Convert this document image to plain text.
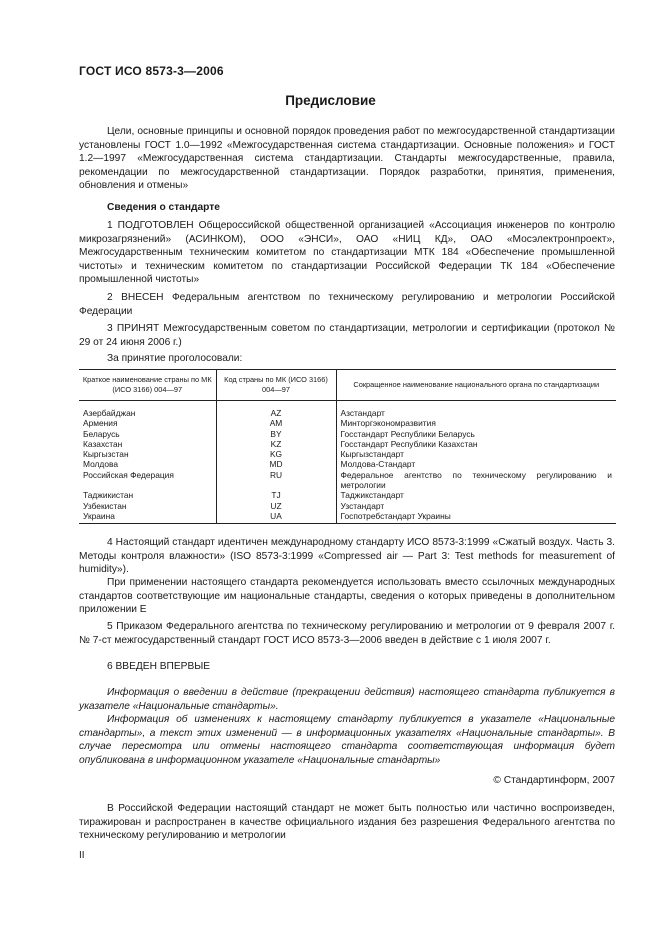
ГОСТ ИСО 8573-3—2006
Предисловие
Цели, основные принципы и основной порядок проведения работ по межгосударственной стандартизации установлены ГОСТ 1.0—1992 «Межгосударственная система стандартизации. Основные положения» и ГОСТ 1.2—1997 «Межгосударственная система стандартизации. Стандарты межгосударственные, правила, рекомендации по межгосударственной стандартизации. Порядок разработки, принятия, применения, обновления и отмены»
Сведения о стандарте
1 ПОДГОТОВЛЕН Общероссийской общественной организацией «Ассоциация инженеров по контролю микрозагрязнений» (АСИНКОМ), ООО «ЭНСИ», ОАО «НИЦ КД», ОАО «Мосэлектронпроект», Межгосударственным техническим комитетом по стандартизации МТК 184 «Обеспечение промышленной чистоты» и техническим комитетом по стандартизации Российской Федерации ТК 184 «Обеспечение промышленной чистоты»
2 ВНЕСЕН Федеральным агентством по техническому регулированию и метрологии Российской Федерации
3 ПРИНЯТ Межгосударственным советом по стандартизации, метрологии и сертификации (протокол № 29 от 24 июня 2006 г.)
За принятие проголосовали:
Краткое наименование страны по МК (ИСО 3166) 004—97	Код страны по МК (ИСО 3166) 004—97	Сокращенное наименование национального органа по стандартизации
Азербайджан	AZ	Азстандарт
Армения	AM	Минторгэкономразвития
Беларусь	BY	Госстандарт Республики Беларусь
Казахстан	KZ	Госстандарт Республики Казахстан
Кыргызстан	KG	Кыргызстандарт
Молдова	MD	Молдова-Стандарт
Российская Федерация	RU	Федеральное агентство по техническому регулированию и метрологии
Таджикистан	TJ	Таджикстандарт
Узбекистан	UZ	Узстандарт
Украина	UA	Госпотребстандарт Украины
4 Настоящий стандарт идентичен международному стандарту ИСО 8573-3:1999 «Сжатый воздух. Часть 3. Методы контроля влажности» (ISO 8573-3:1999 «Compressed air — Part 3: Test methods for measurement of humidity»).
При применении настоящего стандарта рекомендуется использовать вместо ссылочных международных стандартов соответствующие им национальные стандарты, сведения о которых приведены в дополнительном приложении Е
5 Приказом Федерального агентства по техническому регулированию и метрологии от 9 февраля 2007 г. № 7-ст межгосударственный стандарт ГОСТ ИСО 8573-3—2006 введен в действие с 1 июля 2007 г.
6 ВВЕДЕН ВПЕРВЫЕ
Информация о введении в действие (прекращении действия) настоящего стандарта публикуется в указателе «Национальные стандарты».
Информация об изменениях к настоящему стандарту публикуется в указателе «Национальные стандарты», а текст этих изменений — в информационных указателях «Национальные стандарты». В случае пересмотра или отмены настоящего стандарта соответствующая информация будет опубликована в информационном указателе «Национальные стандарты»
© Стандартинформ, 2007
В Российской Федерации настоящий стандарт не может быть полностью или частично воспроизведен, тиражирован и распространен в качестве официального издания без разрешения Федерального агентства по техническому регулированию и метрологии
II
